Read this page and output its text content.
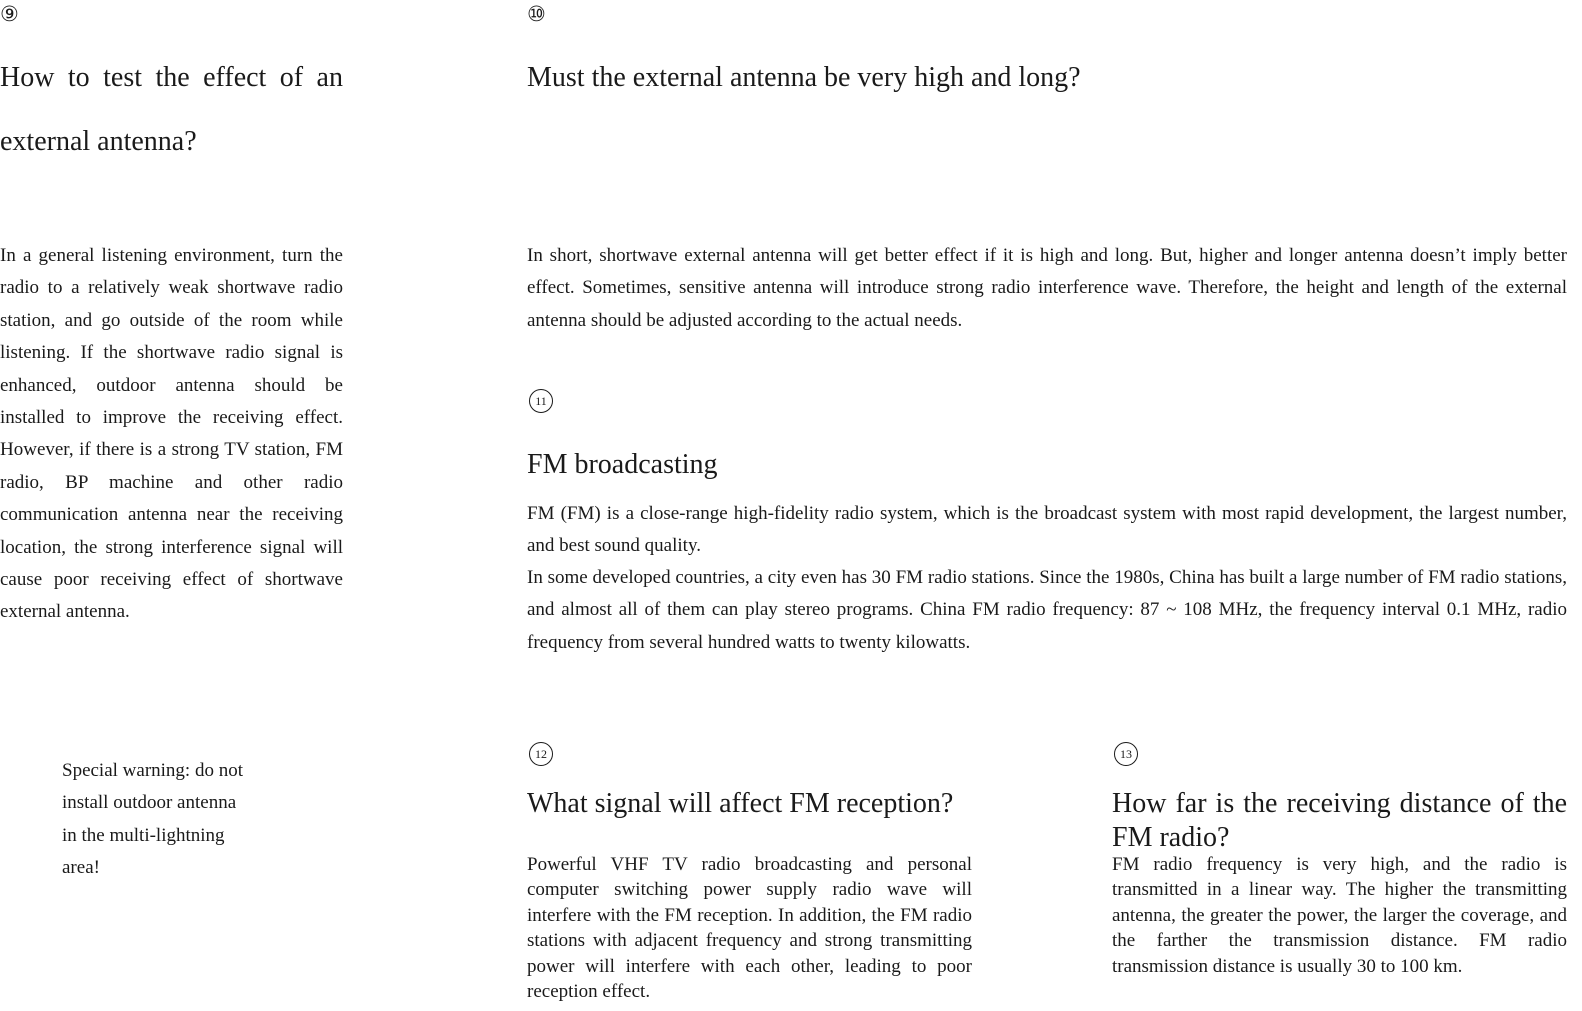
⑨
How to test the effect of an external antenna?

In a general listening environment, turn the radio to a relatively weak shortwave radio station, and go outside of the room while listening. If the shortwave radio signal is enhanced, outdoor antenna should be installed to improve the receiving effect. However, if there is a strong TV station, FM radio, BP machine and other radio communication antenna near the receiving location, the strong interference signal will cause poor receiving effect of shortwave external antenna.

Special warning: do not install outdoor antenna in the multi-lightning area!

⑩
Must the external antenna be very high and long?

In short, shortwave external antenna will get better effect if it is high and long. But, higher and longer antenna doesn’t imply better effect. Sometimes, sensitive antenna will introduce strong radio interference wave. Therefore, the height and length of the external antenna should be adjusted according to the actual needs.

11
FM broadcasting

FM (FM) is a close-range high-fidelity radio system, which is the broadcast system with most rapid development, the largest number, and best sound quality.

In some developed countries, a city even has 30 FM radio stations. Since the 1980s, China has built a large number of FM radio stations, and almost all of them can play stereo programs. China FM radio frequency: 87 ~ 108 MHz, the frequency interval 0.1 MHz, radio frequency from several hundred watts to twenty kilowatts.

12
What signal will affect FM reception?

Powerful VHF TV radio broadcasting and personal computer switching power supply radio wave will interfere with the FM reception. In addition, the FM radio stations with adjacent frequency and strong transmitting power will interfere with each other, leading to poor reception effect.

13
How far is the receiving distance of the FM radio?

FM radio frequency is very high, and the radio is transmitted in a linear way. The higher the transmitting antenna, the greater the power, the larger the coverage, and the farther the transmission distance. FM radio transmission distance is usually 30 to 100 km.
